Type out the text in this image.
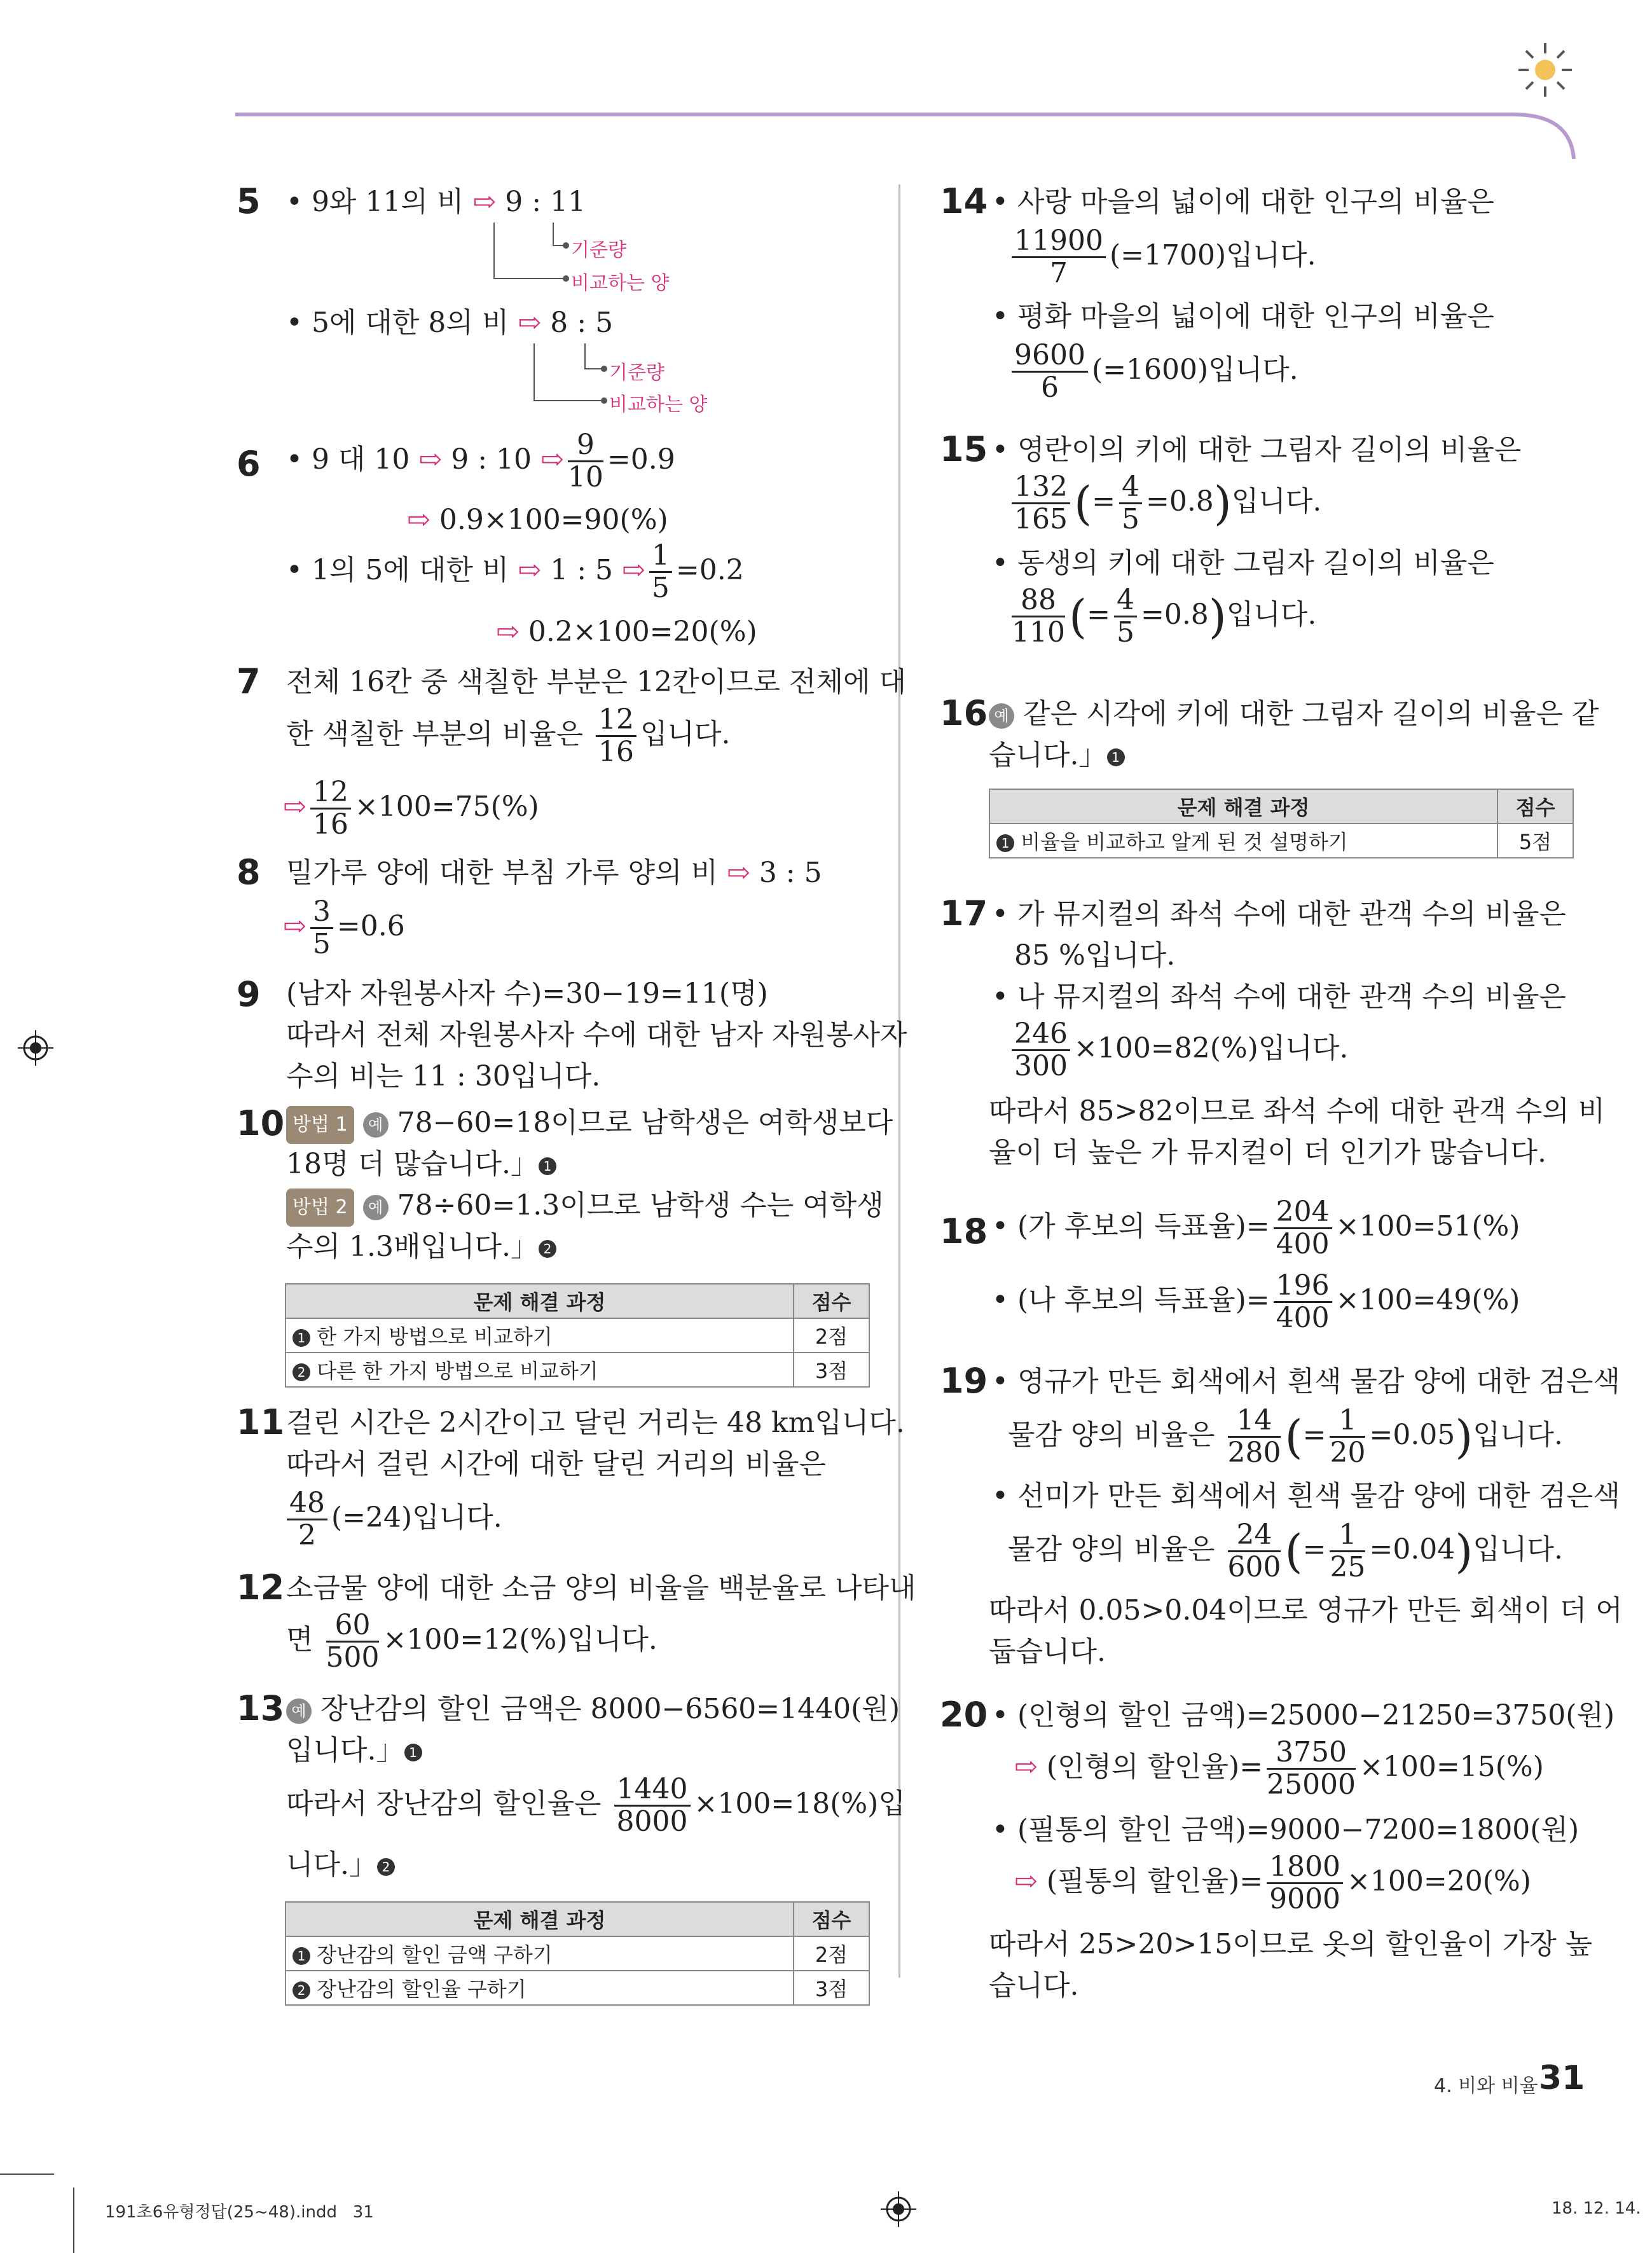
5 • 9와 11의 비 ⇨ 9 : 11
기준량
비교하는 양
• 5에 대한 8의 비 ⇨ 8 : 5
기준량
비교하는 양
6 • 9 대 10 ⇨ 9 : 10 ⇨ $\frac{9}{10} =0.9$
⇨ 0.9×100=90(%)
• 1의 5에 대한 비 ⇨ 1 : 5 ⇨ $\frac{1}{5} =0.2$
⇨ 0.2×100=20(%)
7 전체 16칸 중 색칠한 부분은 12칸이므로 전체에 대
한 색칠한 부분의 비율은 $\frac{12}{16}$ 입니다.
⇨ $\frac{12}{16} \times 100=75(\%)$
8 밀가루 양에 대한 부침 가루 양의 비 ⇨ 3 : 5
⇨ $\frac{3}{5} =0.6$
9 (남자 자원봉사자 수)=30−19=11(명)
따라서 전체 자원봉사자 수에 대한 남자 자원봉사자
수의 비는 11 : 30입니다.
10 방법 1 예 78−60=18이므로 남학생은 여학생보다
18명 더 많습니다.」 1
방법 2 예 78÷60=1.3이므로 남학생 수는 여학생
수의 1.3배입니다.」 2
문제 해결 과정	점수
1 한 가지 방법으로 비교하기	2점
2 다른 한 가지 방법으로 비교하기	3점
11 걸린 시간은 2시간이고 달린 거리는 48 km입니다.
따라서 걸린 시간에 대한 달린 거리의 비율은
$\frac{48}{2} (=24)$입니다.
12 소금물 양에 대한 소금 양의 비율을 백분율로 나타내
면 $\frac{60}{500} \times 100=12(\%)$입니다.
13 예 장난감의 할인 금액은 8000−6560=1440(원)
입니다.」 1
따라서 장난감의 할인율은 $\frac{1440}{8000} \times 100=18(\%)$입
니다.」 2
문제 해결 과정	점수
1 장난감의 할인 금액 구하기	2점
2 장난감의 할인율 구하기	3점
14 • 사랑 마을의 넓이에 대한 인구의 비율은
$\frac{11900}{7} (=1700)$입니다.
• 평화 마을의 넓이에 대한 인구의 비율은
$\frac{9600}{6} (=1600)$입니다.
15 • 영란이의 키에 대한 그림자 길이의 비율은
$\frac{132}{165}$ (= $\frac{4}{5} =0.8$)입니다.
• 동생의 키에 대한 그림자 길이의 비율은
$\frac{88}{110}$ (= $\frac{4}{5} =0.8$)입니다.
16 예 같은 시각에 키에 대한 그림자 길이의 비율은 같
습니다.」 1
문제 해결 과정	점수
1 비율을 비교하고 알게 된 것 설명하기	5점
17 • 가 뮤지컬의 좌석 수에 대한 관객 수의 비율은
85 %입니다.
• 나 뮤지컬의 좌석 수에 대한 관객 수의 비율은
$\frac{246}{300} \times 100=82(\%)$입니다.
따라서 85>82이므로 좌석 수에 대한 관객 수의 비
율이 더 높은 가 뮤지컬이 더 인기가 많습니다.
18 • (가 후보의 득표율)= $\frac{204}{400} \times 100=51(\%)$
• (나 후보의 득표율)= $\frac{196}{400} \times 100=49(\%)$
19 • 영규가 만든 회색에서 흰색 물감 양에 대한 검은색
물감 양의 비율은 $\frac{14}{280}$ (= $\frac{1}{20} =0.05$)입니다.
• 선미가 만든 회색에서 흰색 물감 양에 대한 검은색
물감 양의 비율은 $\frac{24}{600}$ (= $\frac{1}{25} =0.04$)입니다.
따라서 0.05>0.04이므로 영규가 만든 회색이 더 어
둡습니다.
20 • (인형의 할인 금액)=25000−21250=3750(원)
⇨ (인형의 할인율)= $\frac{3750}{25000} \times 100=15(\%)$
• (필통의 할인 금액)=9000−7200=1800(원)
⇨ (필통의 할인율)= $\frac{1800}{9000} \times 100=20(\%)$
따라서 25>20>15이므로 옷의 할인율이 가장 높
습니다.
4. 비와 비율 31
191초6유형정답(25~48).indd   31	18. 12. 14.
